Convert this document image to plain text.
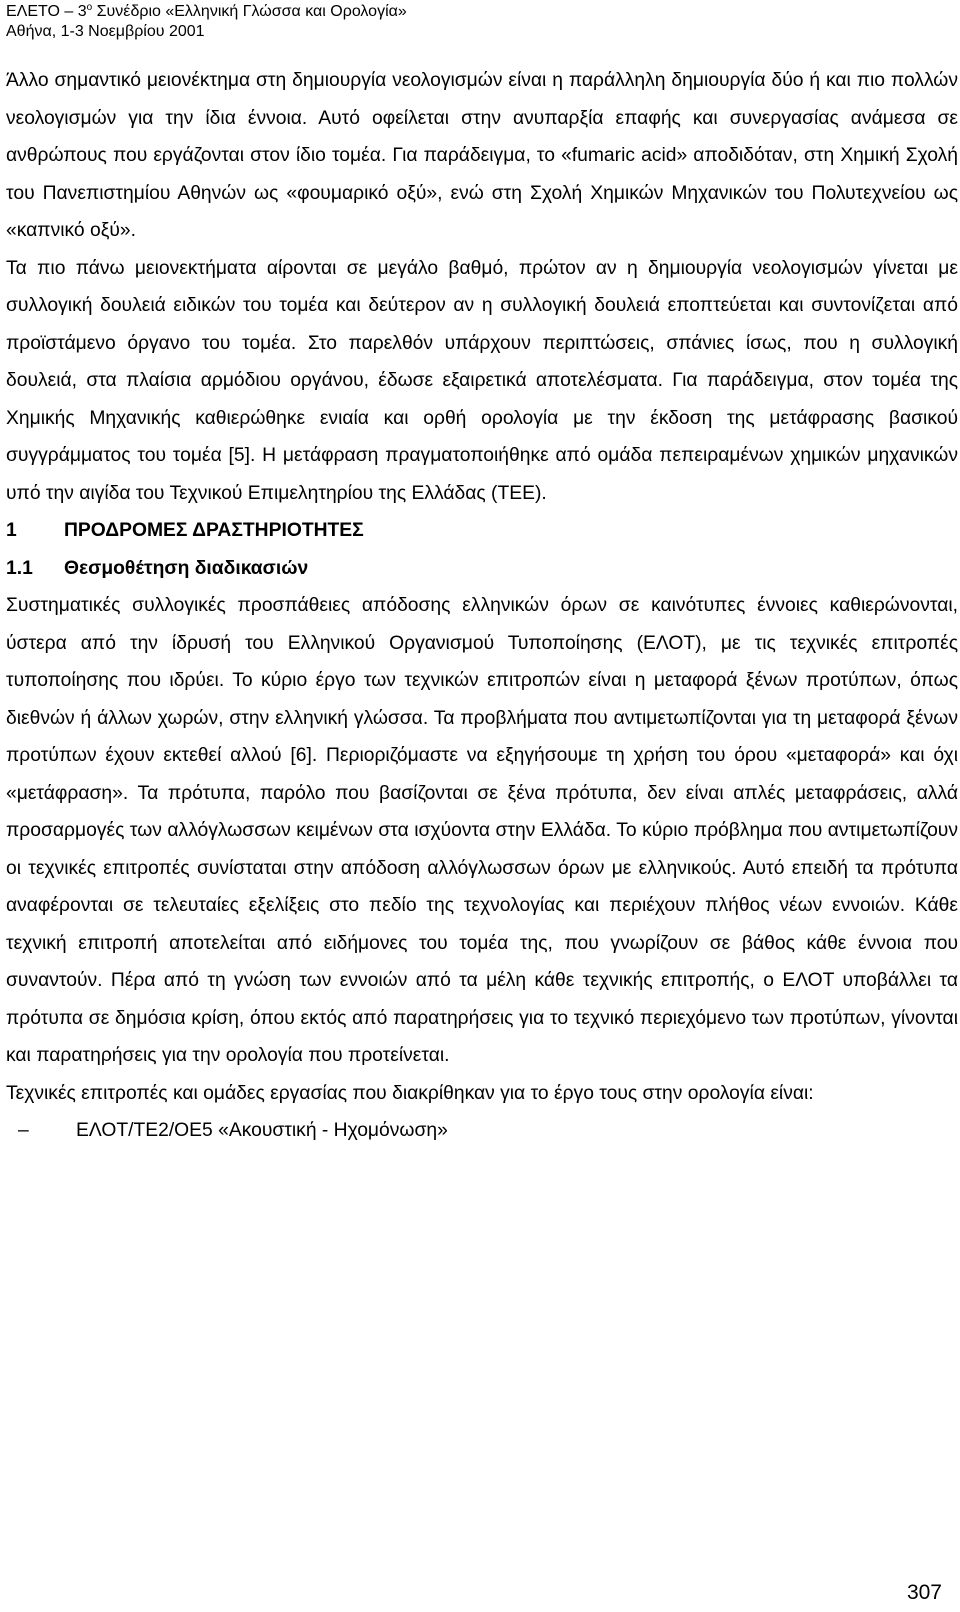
ΕΛΕΤΟ – $3^o$ Συνέδριο «Ελληνική Γλώσσα και Ορολογία»
Αθήνα, 1-3 Νοεμβρίου 2001

Άλλο σημαντικό μειονέκτημα στη δημιουργία νεολογισμών είναι η παράλληλη δημιουργία δύο ή και πιο πολλών νεολογισμών για την ίδια έννοια. Αυτό οφείλεται στην ανυπαρξία επαφής και συνεργασίας ανάμεσα σε ανθρώπους που εργάζονται στον ίδιο τομέα. Για παράδειγμα, το «fumaric acid» αποδιδόταν, στη Χημική Σχολή του Πανεπιστημίου Αθηνών ως «φουμαρικό οξύ», ενώ στη Σχολή Χημικών Μηχανικών του Πολυτεχνείου ως «καπνικό οξύ».

Τα πιο πάνω μειονεκτήματα αίρονται σε μεγάλο βαθμό, πρώτον αν η δημιουργία νεολογισμών γίνεται με συλλογική δουλειά ειδικών του τομέα και δεύτερον αν η συλλογική δουλειά εποπτεύεται και συντονίζεται από προϊστάμενο όργανο του τομέα. Στο παρελθόν υπάρχουν περιπτώσεις, σπάνιες ίσως, που η συλλογική δουλειά, στα πλαίσια αρμόδιου οργάνου, έδωσε εξαιρετικά αποτελέσματα. Για παράδειγμα, στον τομέα της Χημικής Μηχανικής καθιερώθηκε ενιαία και ορθή ορολογία με την έκδοση της μετάφρασης βασικού συγγράμματος του τομέα [5]. Η μετάφραση πραγματοποιήθηκε από ομάδα πεπειραμένων χημικών μηχανικών υπό την αιγίδα του Τεχνικού Επιμελητηρίου της Ελλάδας (ΤΕΕ).

1 ΠΡΟΔΡΟΜΕΣ ΔΡΑΣΤΗΡΙΟΤΗΤΕΣ
1.1 Θεσμοθέτηση διαδικασιών

Συστηματικές συλλογικές προσπάθειες απόδοσης ελληνικών όρων σε καινότυπες έννοιες καθιερώνονται, ύστερα από την ίδρυσή του Ελληνικού Οργανισμού Τυποποίησης (ΕΛΟΤ), με τις τεχνικές επιτροπές τυποποίησης που ιδρύει. Το κύριο έργο των τεχνικών επιτροπών είναι η μεταφορά ξένων προτύπων, όπως διεθνών ή άλλων χωρών, στην ελληνική γλώσσα. Τα προβλήματα που αντιμετωπίζονται για τη μεταφορά ξένων προτύπων έχουν εκτεθεί αλλού [6]. Περιοριζόμαστε να εξηγήσουμε τη χρήση του όρου «μεταφορά» και όχι «μετάφραση». Τα πρότυπα, παρόλο που βασίζονται σε ξένα πρότυπα, δεν είναι απλές μεταφράσεις, αλλά προσαρμογές των αλλόγλωσσων κειμένων στα ισχύοντα στην Ελλάδα. Το κύριο πρόβλημα που αντιμετωπίζουν οι τεχνικές επιτροπές συνίσταται στην απόδοση αλλόγλωσσων όρων με ελληνικούς. Αυτό επειδή τα πρότυπα αναφέρονται σε τελευταίες εξελίξεις στο πεδίο της τεχνολογίας και περιέχουν πλήθος νέων εννοιών. Κάθε τεχνική επιτροπή αποτελείται από ειδήμονες του τομέα της, που γνωρίζουν σε βάθος κάθε έννοια που συναντούν. Πέρα από τη γνώση των εννοιών από τα μέλη κάθε τεχνικής επιτροπής, ο ΕΛΟΤ υποβάλλει τα πρότυπα σε δημόσια κρίση, όπου εκτός από παρατηρήσεις για το τεχνικό περιεχόμενο των προτύπων, γίνονται και παρατηρήσεις για την ορολογία που προτείνεται.

Τεχνικές επιτροπές και ομάδες εργασίας που διακρίθηκαν για το έργο τους στην ορολογία είναι:

–	ΕΛΟΤ/ΤΕ2/ΟΕ5 «Ακουστική - Ηχομόνωση»
307
